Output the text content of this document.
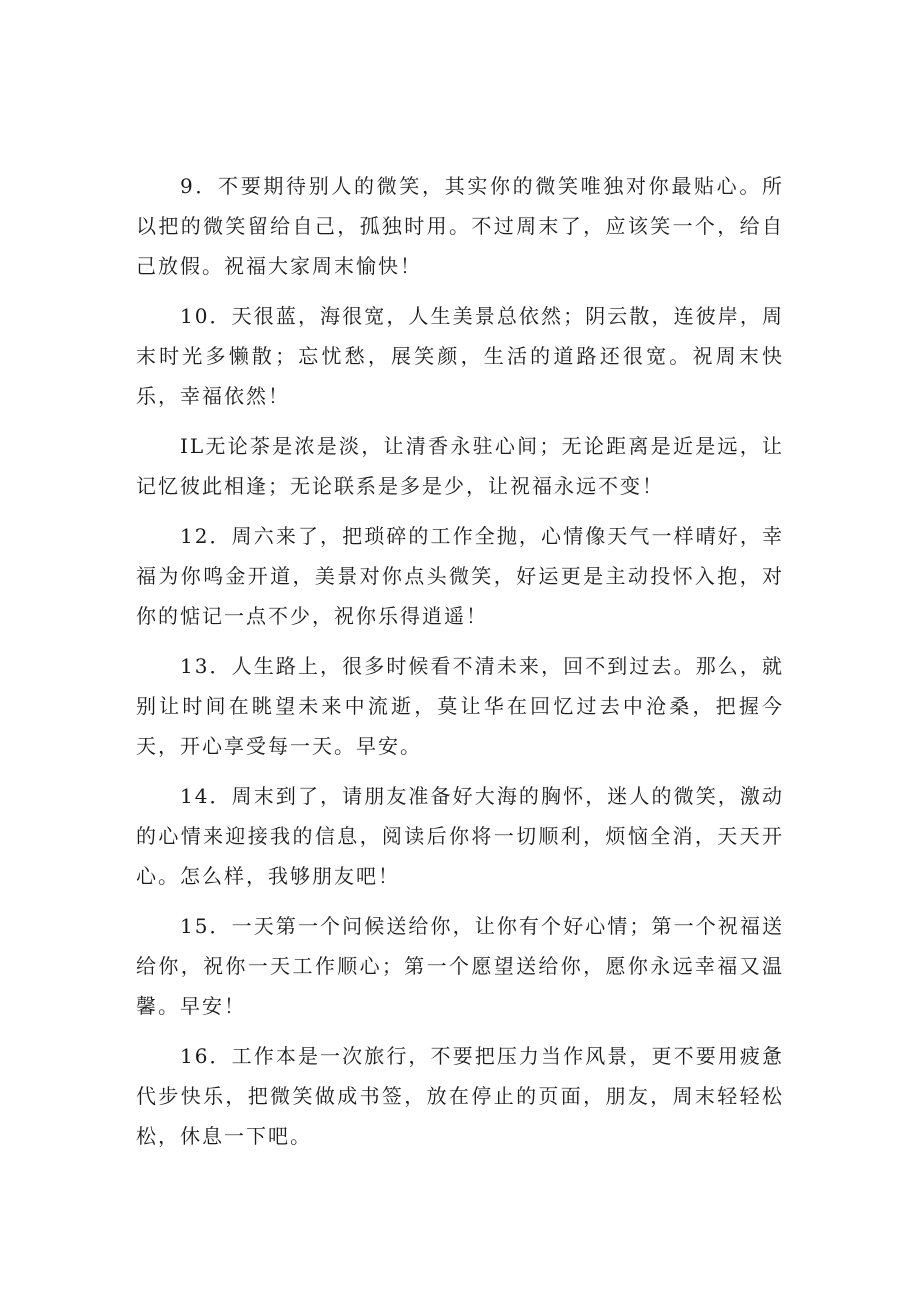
9．不要期待别人的微笑，其实你的微笑唯独对你最贴心。所以把的微笑留给自己，孤独时用。不过周末了，应该笑一个，给自己放假。祝福大家周末愉快！

10．天很蓝，海很宽，人生美景总依然；阴云散，连彼岸，周末时光多懒散；忘忧愁，展笑颜，生活的道路还很宽。祝周末快乐，幸福依然！

IL无论茶是浓是淡，让清香永驻心间；无论距离是近是远，让记忆彼此相逢；无论联系是多是少，让祝福永远不变！

12．周六来了，把琐碎的工作全抛，心情像天气一样晴好，幸福为你鸣金开道，美景对你点头微笑，好运更是主动投怀入抱，对你的惦记一点不少，祝你乐得逍遥！

13．人生路上，很多时候看不清未来，回不到过去。那么，就别让时间在眺望未来中流逝，莫让华在回忆过去中沧桑，把握今天，开心享受每一天。早安。

14．周末到了，请朋友准备好大海的胸怀，迷人的微笑，激动的心情来迎接我的信息，阅读后你将一切顺利，烦恼全消，天天开心。怎么样，我够朋友吧！

15．一天第一个问候送给你，让你有个好心情；第一个祝福送给你，祝你一天工作顺心；第一个愿望送给你，愿你永远幸福又温馨。早安！

16．工作本是一次旅行，不要把压力当作风景，更不要用疲惫代步快乐，把微笑做成书签，放在停止的页面，朋友，周末轻轻松松，休息一下吧。
